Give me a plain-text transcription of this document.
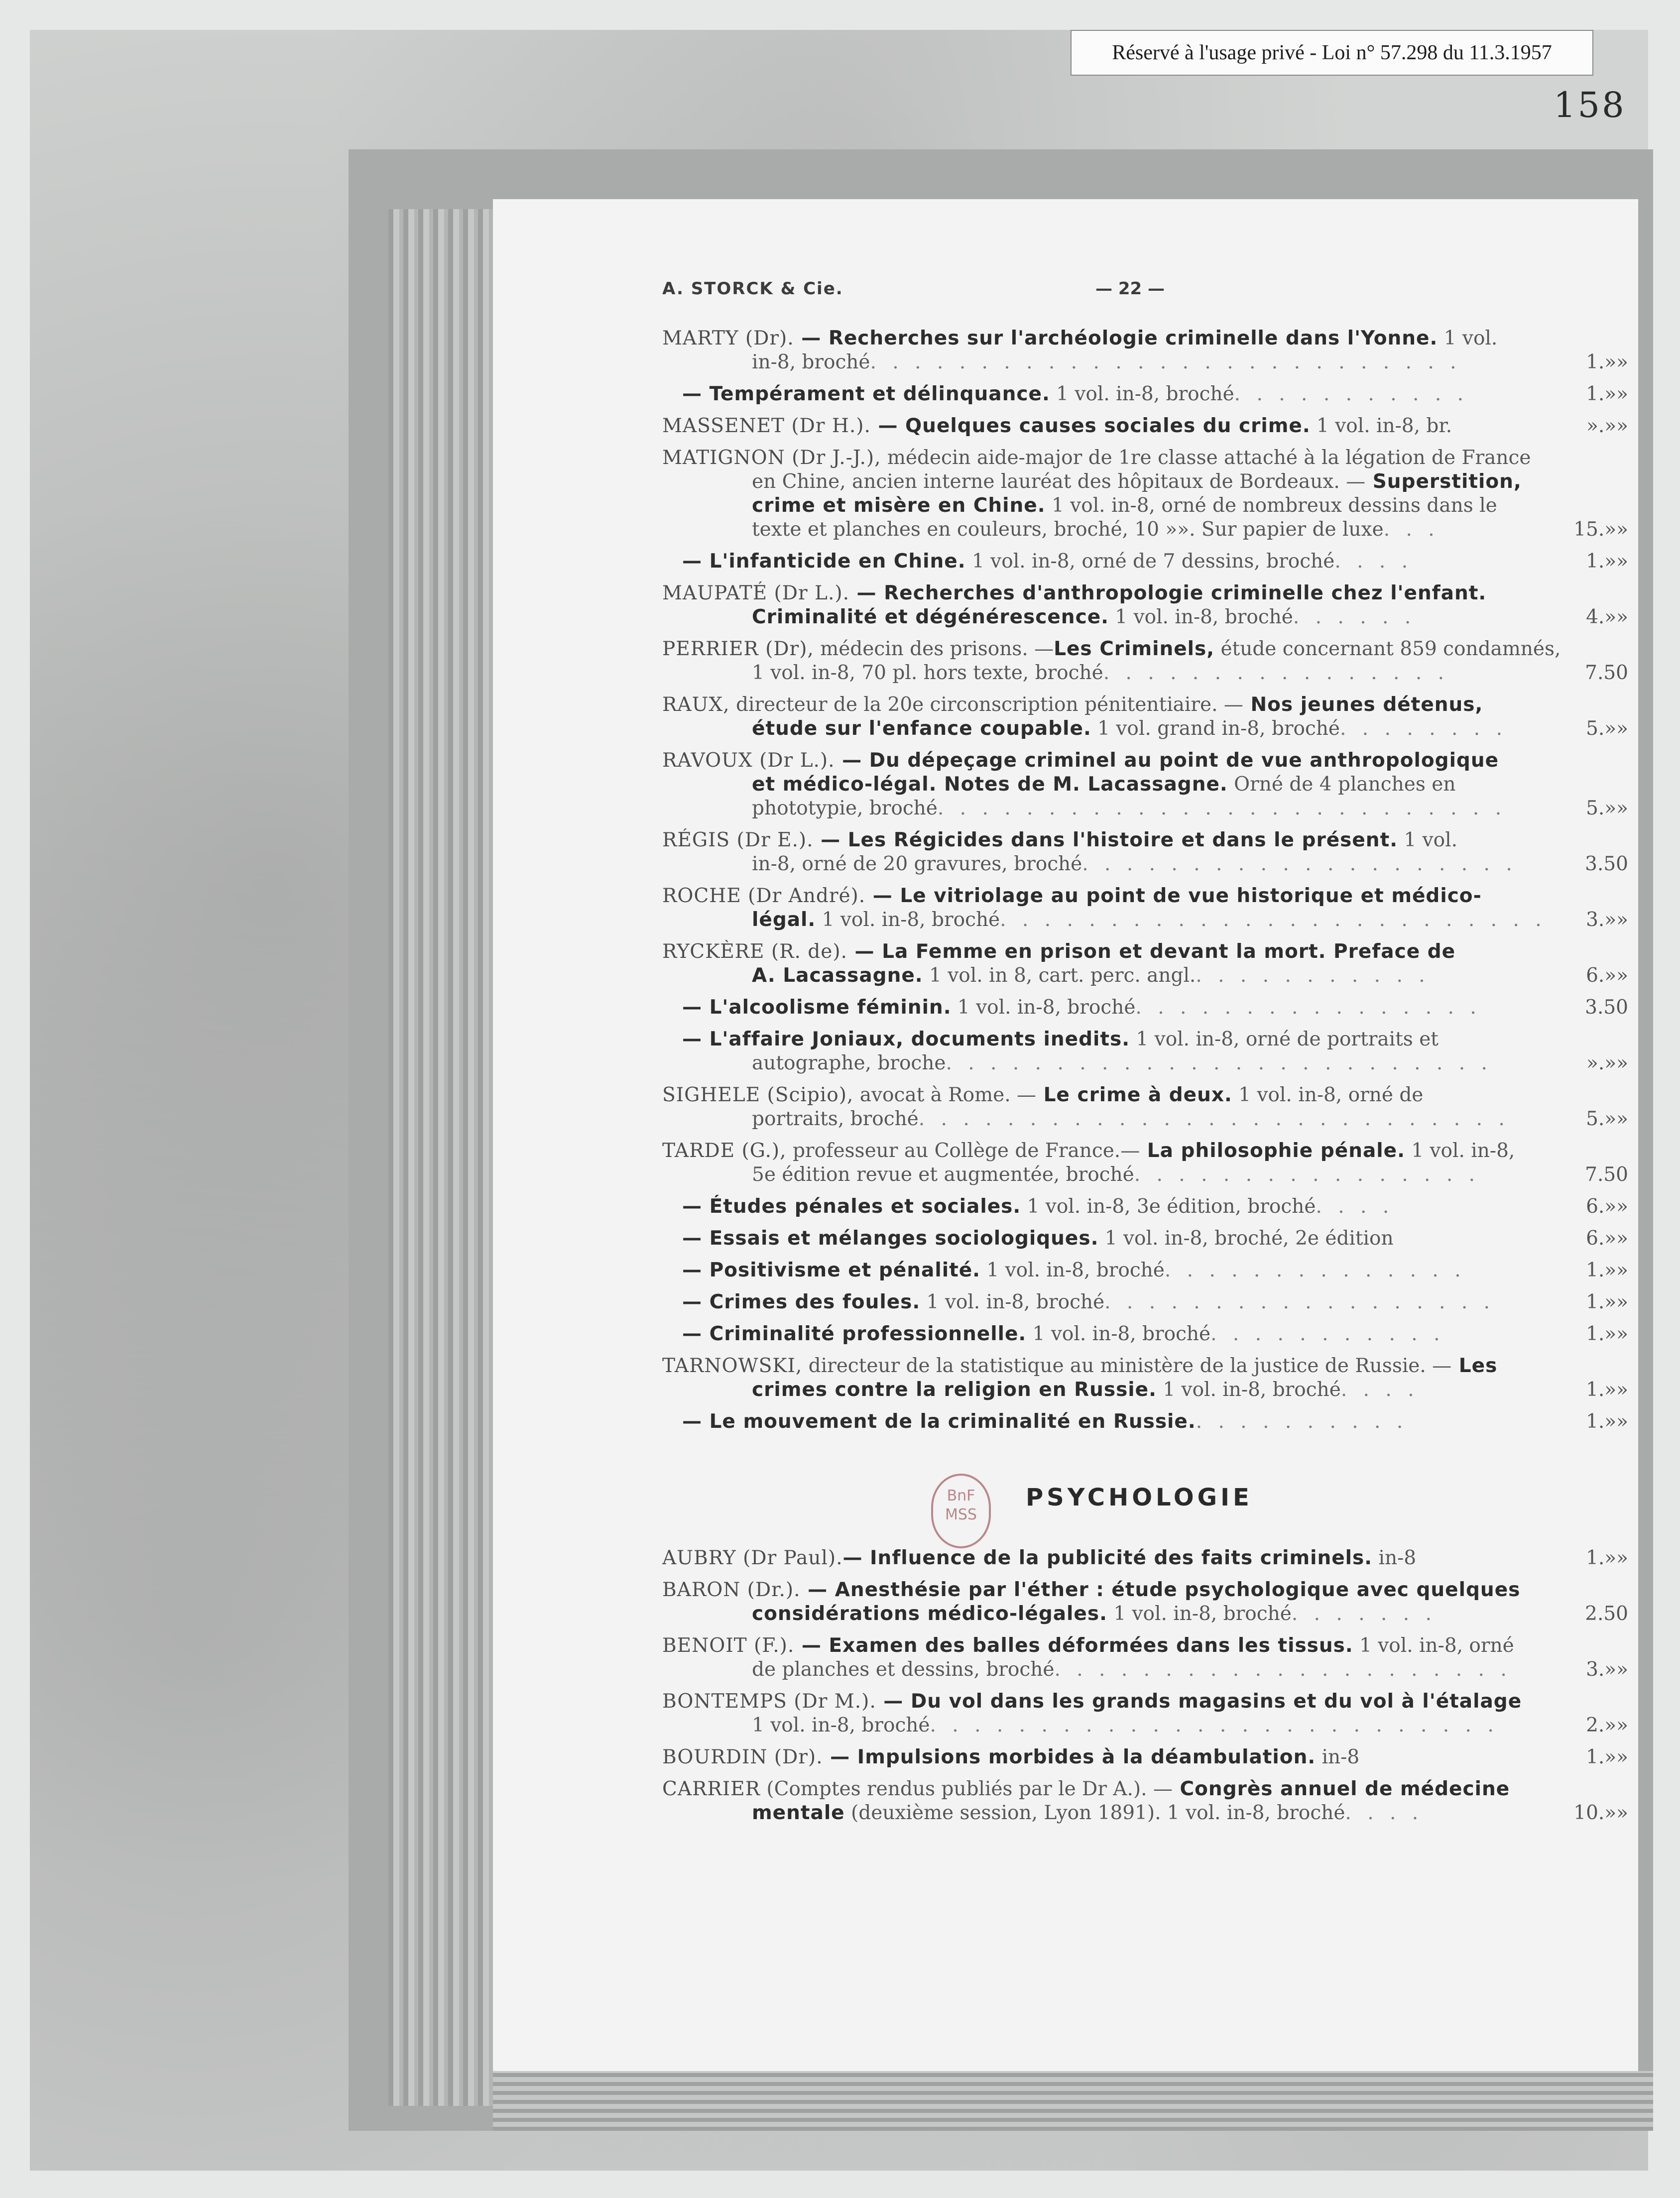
Réservé à l'usage privé - Loi n° 57.298 du 11.3.1957
158
A. STORCK & Cie.	— 22 —
MARTY (Dr). — Recherches sur l'archéologie criminelle dans l'Yonne. 1 vol.
in-8, broché. . . . . . . . . . . . . . . . . . . . . . . . . . .	1.»»
— Tempérament et délinquance. 1 vol. in-8, broché. . . . . . . . . . .	1.»»
MASSENET (Dr H.). — Quelques causes sociales du crime. 1 vol. in-8, br.	».»»
MATIGNON (Dr J.-J.), médecin aide-major de 1re classe attaché à la légation de France
en Chine, ancien interne lauréat des hôpitaux de Bordeaux. — Superstition,
crime et misère en Chine. 1 vol. in-8, orné de nombreux dessins dans le
texte et planches en couleurs, broché, 10 »». Sur papier de luxe. . .	15.»»
— L'infanticide en Chine. 1 vol. in-8, orné de 7 dessins, broché. . . .	1.»»
MAUPATÉ (Dr L.). — Recherches d'anthropologie criminelle chez l'enfant.
Criminalité et dégénérescence. 1 vol. in-8, broché. . . . . .	4.»»
PERRIER (Dr), médecin des prisons. —Les Criminels, étude concernant 859 condamnés,
1 vol. in-8, 70 pl. hors texte, broché. . . . . . . . . . . . . . . .	7.50
RAUX, directeur de la 20e circonscription pénitentiaire. — Nos jeunes détenus,
étude sur l'enfance coupable. 1 vol. grand in-8, broché. . . . . . . .	5.»»
RAVOUX (Dr L.). — Du dépeçage criminel au point de vue anthropologique
et médico-légal. Notes de M. Lacassagne. Orné de 4 planches en
phototypie, broché. . . . . . . . . . . . . . . . . . . . . . . . . .	5.»»
RÉGIS (Dr E.). — Les Régicides dans l'histoire et dans le présent. 1 vol.
in-8, orné de 20 gravures, broché. . . . . . . . . . . . . . . . . . . .	3.50
ROCHE (Dr André). — Le vitriolage au point de vue historique et médico-
légal. 1 vol. in-8, broché. . . . . . . . . . . . . . . . . . . . . . . . . 3.»»
RYCKÈRE (R. de). — La Femme en prison et devant la mort. Preface de
A. Lacassagne. 1 vol. in 8, cart. perc. angl.. . . . . . . . . . .	6.»»
— L'alcoolisme féminin. 1 vol. in-8, broché. . . . . . . . . . . . . . . .	3.50
— L'affaire Joniaux, documents inedits. 1 vol. in-8, orné de portraits et
autographe, broche. . . . . . . . . . . . . . . . . . . . . . . . .	».»»
SIGHELE (Scipio), avocat à Rome. — Le crime à deux. 1 vol. in-8, orné de
portraits, broché. . . . . . . . . . . . . . . . . . . . . . . . . . .	5.»»
TARDE (G.), professeur au Collège de France.— La philosophie pénale. 1 vol. in-8,
5e édition revue et augmentée, broché. . . . . . . . . . . . . . . .	7.50
— Études pénales et sociales. 1 vol. in-8, 3e édition, broché. . . .	6.»»
— Essais et mélanges sociologiques. 1 vol. in-8, broché, 2e édition	6.»»
— Positivisme et pénalité. 1 vol. in-8, broché. . . . . . . . . . . . . .	1.»»
— Crimes des foules. 1 vol. in-8, broché. . . . . . . . . . . . . . . . . .	1.»»
— Criminalité professionnelle. 1 vol. in-8, broché. . . . . . . . . . .	1.»»
TARNOWSKI, directeur de la statistique au ministère de la justice de Russie. — Les
crimes contre la religion en Russie. 1 vol. in-8, broché. . . .	1.»»
— Le mouvement de la criminalité en Russie.. . . . . . . . . .	1.»»
BnF
MSS
PSYCHOLOGIE
AUBRY (Dr Paul).— Influence de la publicité des faits criminels. in-8	1.»»
BARON (Dr.). — Anesthésie par l'éther : étude psychologique avec quelques
considérations médico-légales. 1 vol. in-8, broché. . . . . . .	2.50
BENOIT (F.). — Examen des balles déformées dans les tissus. 1 vol. in-8, orné
de planches et dessins, broché. . . . . . . . . . . . . . . . . . . . .	3.»»
BONTEMPS (Dr M.). — Du vol dans les grands magasins et du vol à l'étalage
1 vol. in-8, broché. . . . . . . . . . . . . . . . . . . . . . . . . .	2.»»
BOURDIN (Dr). — Impulsions morbides à la déambulation. in-8	1.»»
CARRIER (Comptes rendus publiés par le Dr A.). — Congrès annuel de médecine
mentale (deuxième session, Lyon 1891). 1 vol. in-8, broché. . . .	10.»»
